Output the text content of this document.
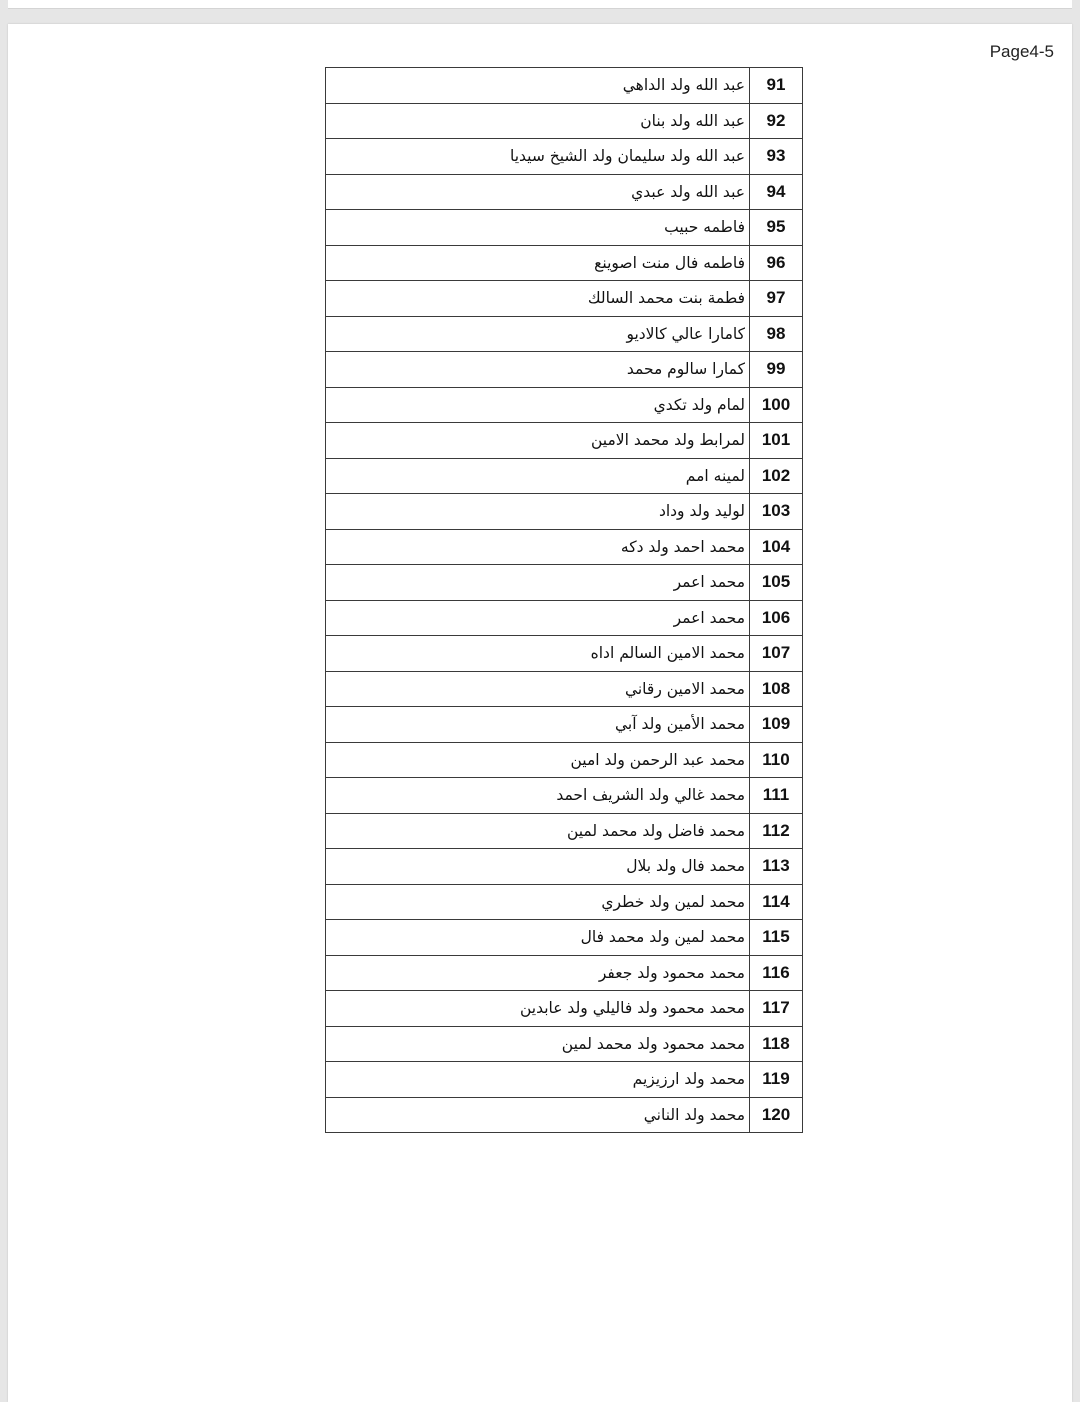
Page4-5
91	عبد الله ولد الداهي
92	عبد الله ولد بنان
93	عبد الله ولد سليمان ولد الشيخ سيديا
94	عبد الله ولد عبدي
95	فاطمه حبيب
96	فاطمه فال منت اصوينع
97	فطمة بنت محمد السالك
98	كامارا عالي كالاديو
99	كمارا سالوم محمد
100	لمام ولد تكدي
101	لمرابط ولد محمد الامين
102	لمينه امم
103	لوليد ولد وداد
104	محمد احمد ولد دكه
105	محمد اعمر
106	محمد اعمر
107	محمد الامين السالم اداه
108	محمد الامين رقاني
109	محمد الأمين ولد آبي
110	محمد عبد الرحمن ولد امين
111	محمد غالي ولد الشريف احمد
112	محمد فاضل ولد محمد لمين
113	محمد فال ولد بلال
114	محمد لمين ولد خطري
115	محمد لمين ولد محمد فال
116	محمد محمود ولد جعفر
117	محمد محمود ولد فاليلي ولد عابدين
118	محمد محمود ولد محمد لمين
119	محمد ولد ارزيزيم
120	محمد ولد الناني
